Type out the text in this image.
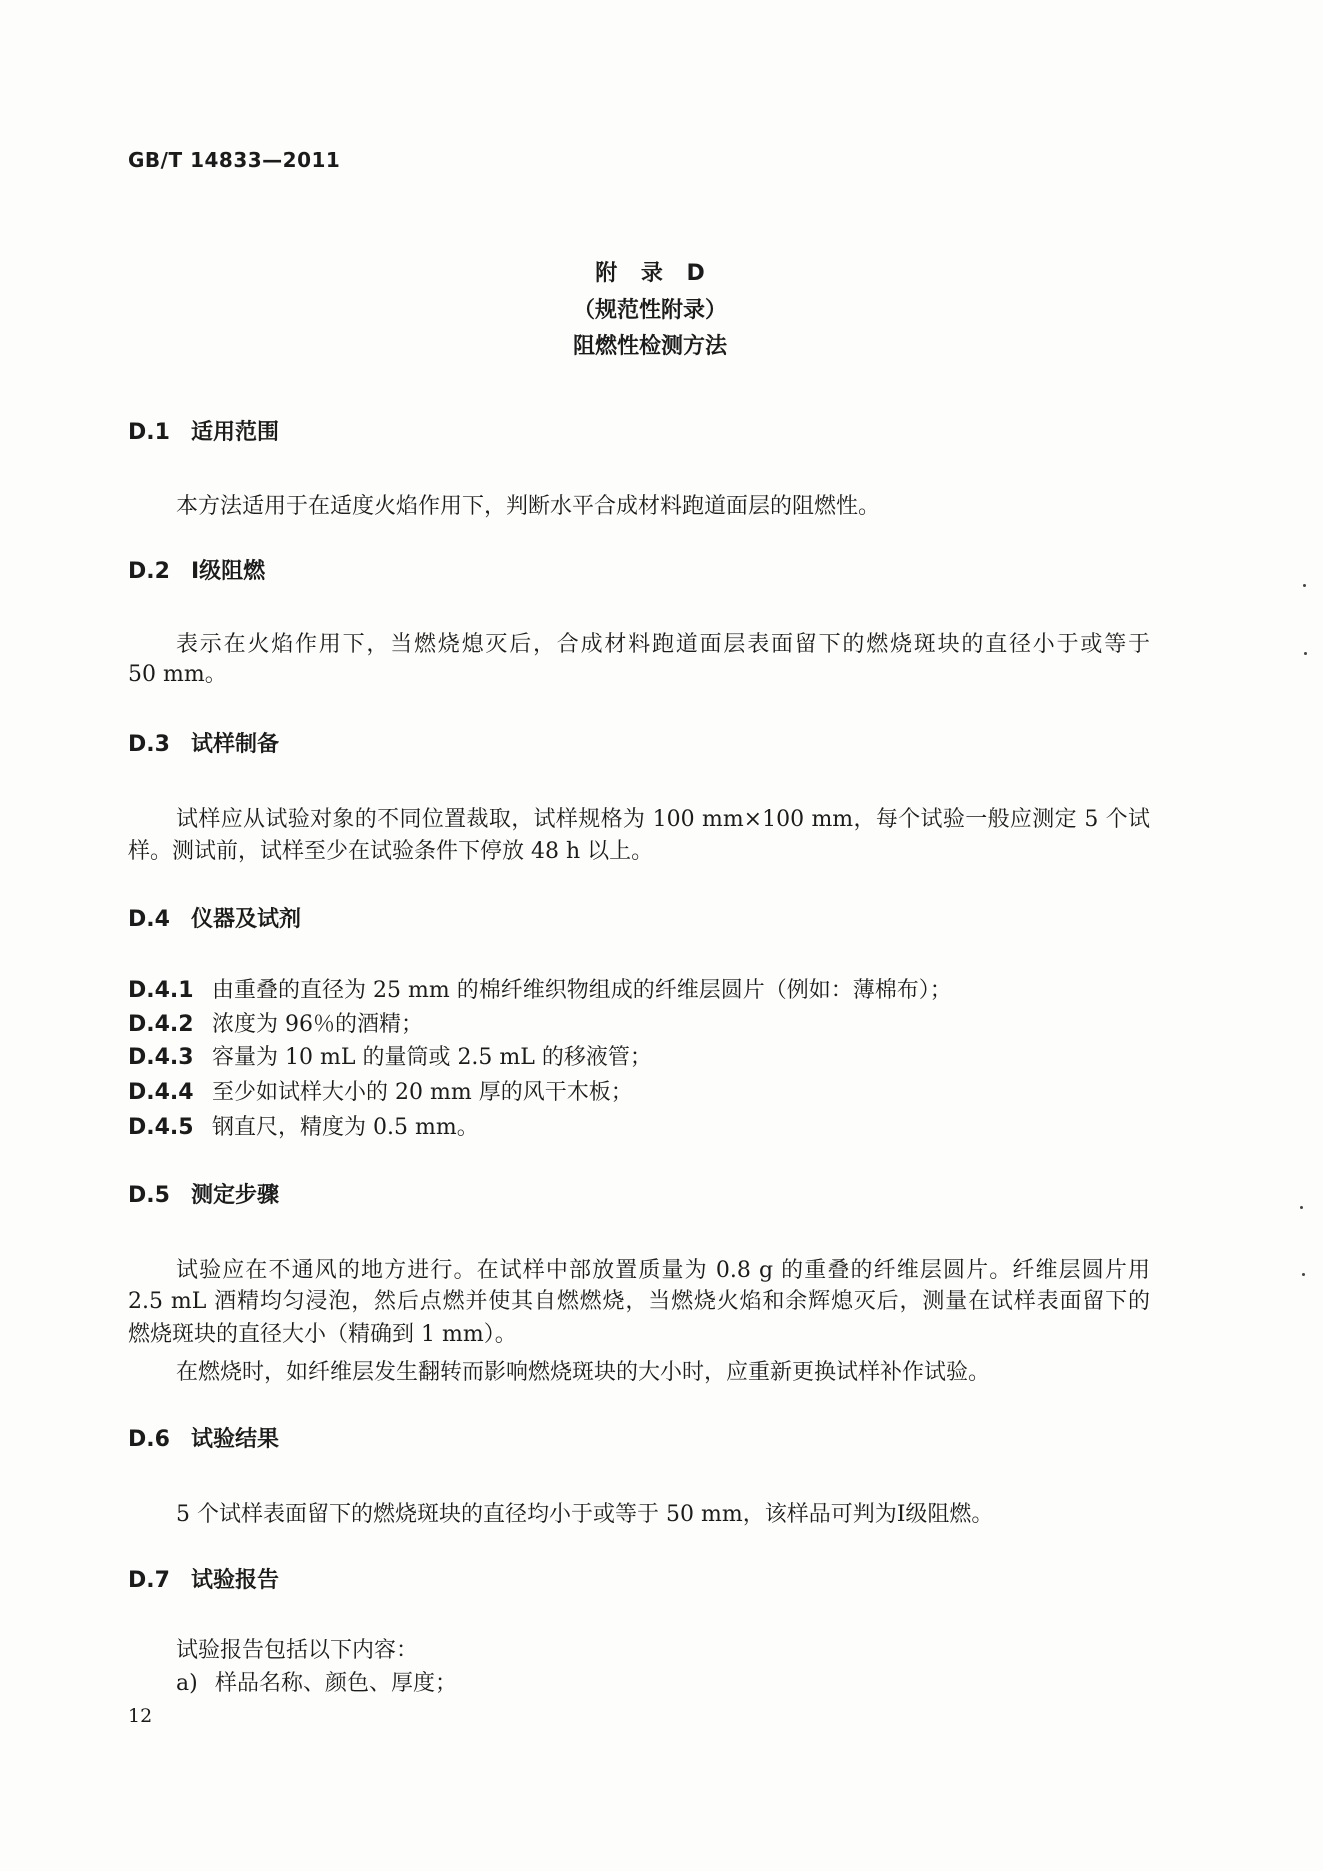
GB/T 14833—2011
附 录 D
（规范性附录）
阻燃性检测方法
D.1 适用范围
本方法适用于在适度火焰作用下，判断水平合成材料跑道面层的阻燃性。
D.2 Ⅰ级阻燃
表示在火焰作用下，当燃烧熄灭后，合成材料跑道面层表面留下的燃烧斑块的直径小于或等于
50 mm。
D.3 试样制备
试样应从试验对象的不同位置裁取，试样规格为 100 mm×100 mm，每个试验一般应测定 5 个试
样。测试前，试样至少在试验条件下停放 48 h 以上。
D.4 仪器及试剂
D.4.1 由重叠的直径为 25 mm 的棉纤维织物组成的纤维层圆片（例如：薄棉布）；
D.4.2 浓度为 96％的酒精；
D.4.3 容量为 10 mL 的量筒或 2.5 mL 的移液管；
D.4.4 至少如试样大小的 20 mm 厚的风干木板；
D.4.5 钢直尺，精度为 0.5 mm。
D.5 测定步骤
试验应在不通风的地方进行。在试样中部放置质量为 0.8 g 的重叠的纤维层圆片。纤维层圆片用
2.5 mL 酒精均匀浸泡，然后点燃并使其自燃燃烧，当燃烧火焰和余辉熄灭后，测量在试样表面留下的
燃烧斑块的直径大小（精确到 1 mm）。
在燃烧时，如纤维层发生翻转而影响燃烧斑块的大小时，应重新更换试样补作试验。
D.6 试验结果
5 个试样表面留下的燃烧斑块的直径均小于或等于 50 mm，该样品可判为Ⅰ级阻燃。
D.7 试验报告
试验报告包括以下内容：
a) 样品名称、颜色、厚度；
12
